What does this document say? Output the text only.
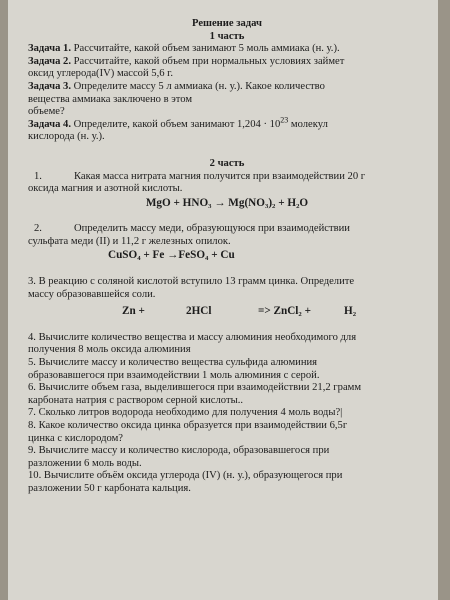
Решение задач

1 часть

Задача 1. Рассчитайте, какой объем занимают 5 моль аммиака (н. у.).

Задача 2. Рассчитайте, какой объем при нормальных условиях займет

оксид углерода(IV) массой 5,6 г.

Задача 3. Определите массу 5 л аммиака (н. у.). Какое количество

вещества аммиака заключено в этом

объеме?

Задача 4. Определите, какой объем занимают $1,204 \cdot 10^{23}$ молекул

кислорода (н. у.).

2 часть

1.	Какая масса нитрата магния получится при взаимодействии 20 г

оксида магния и азотной кислоты.

MgO + HNO₃ → Mg(NO₃)₂ + H₂O

2.	Определить массу меди, образующуюся при взаимодействии

сульфата меди (II) и 11,2 г железных опилок.

CuSO₄ + Fe →FeSO₄ + Cu

3. В реакцию с соляной кислотой вступило 13 грамм цинка. Определите

массу образовавшейся соли.

Zn +	2HCl	=> ZnCl₂ +	H₂

4. Вычислите количество вещества и массу алюминия необходимого для

получения 8 моль оксида алюминия

5. Вычислите массу и количество вещества сульфида алюминия

образовавшегося при взаимодействии 1 моль алюминия с серой.

6. Вычислите объем газа, выделившегося при взаимодействии 21,2 грамм

карбоната натрия с раствором серной кислоты..

7. Сколько литров водорода необходимо для получения 4 моль воды?|

8. Какое количество оксида цинка образуется при взаимодействии 6,5г

цинка с кислородом?

9. Вычислите массу и количество кислорода, образовавшегося при

разложении 6 моль воды.

10. Вычислите объём оксида углерода (IV) (н. у.), образующегося при

разложении 50 г карбоната кальция.
